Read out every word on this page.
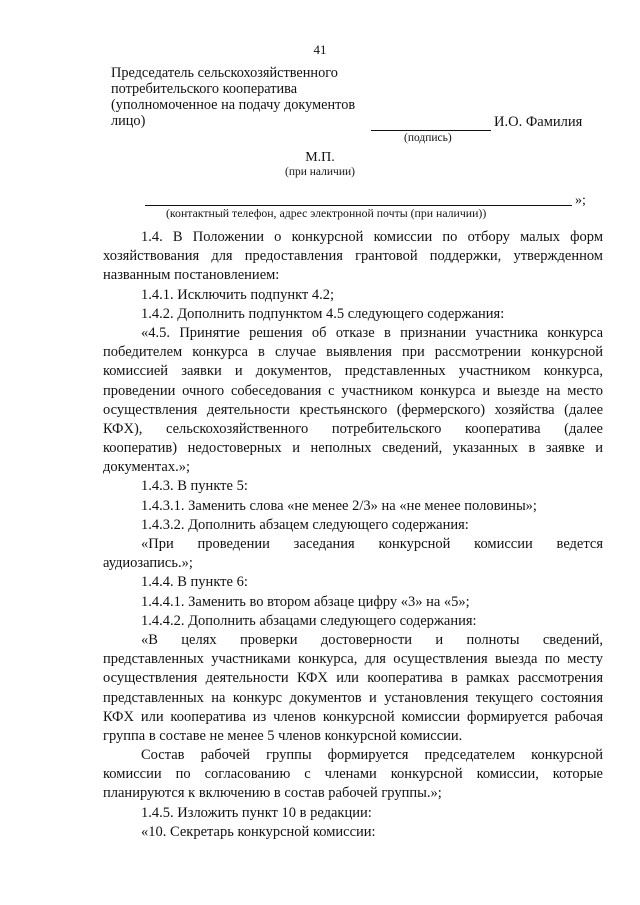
41
Председатель сельскохозяйственного
потребительского кооператива
(уполномоченное на подачу документов
лицо)	И.О. Фамилия
(подпись)
М.П.
(при наличии)
»;
(контактный телефон, адрес электронной почты (при наличии))
1.4. В Положении о конкурсной комиссии по отбору малых форм
хозяйствования для предоставления грантовой поддержки, утвержденном
названным постановлением:
1.4.1. Исключить подпункт 4.2;
1.4.2. Дополнить подпунктом 4.5 следующего содержания:
«4.5. Принятие решения об отказе в признании участника конкурса
победителем конкурса в случае выявления при рассмотрении конкурсной
комиссией заявки и документов, представленных участником конкурса,
проведении очного собеседования с участником конкурса и выезде на место
осуществления деятельности крестьянского (фермерского) хозяйства (далее
КФХ), сельскохозяйственного потребительского кооператива (далее
кооператив) недостоверных и неполных сведений, указанных в заявке и
документах.»;
1.4.3. В пункте 5:
1.4.3.1. Заменить слова «не менее 2/3» на «не менее половины»;
1.4.3.2. Дополнить абзацем следующего содержания:
«При проведении заседания конкурсной комиссии ведется
аудиозапись.»;
1.4.4. В пункте 6:
1.4.4.1. Заменить во втором абзаце цифру «3» на «5»;
1.4.4.2. Дополнить абзацами следующего содержания:
«В целях проверки достоверности и полноты сведений,
представленных участниками конкурса, для осуществления выезда по месту
осуществления деятельности КФХ или кооператива в рамках рассмотрения
представленных на конкурс документов и установления текущего состояния
КФХ или кооператива из членов конкурсной комиссии формируется рабочая
группа в составе не менее 5 членов конкурсной комиссии.
Состав рабочей группы формируется председателем конкурсной
комиссии по согласованию с членами конкурсной комиссии, которые
планируются к включению в состав рабочей группы.»;
1.4.5. Изложить пункт 10 в редакции:
«10. Секретарь конкурсной комиссии:
